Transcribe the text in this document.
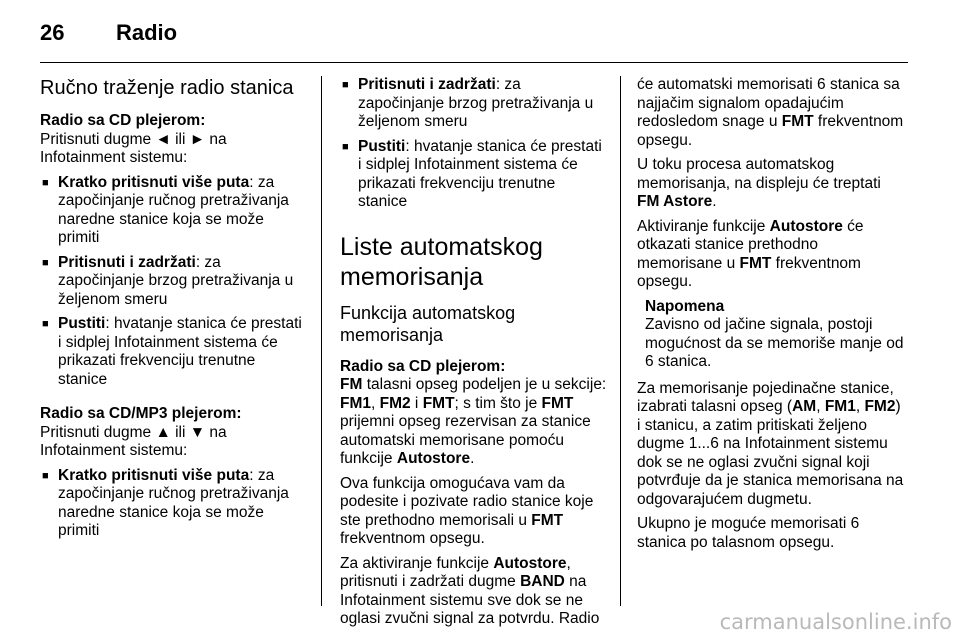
26 Radio
Ručno traženje radio stanica

Radio sa CD plejerom:

Pritisnuti dugme ◄ ili ► na Infotainment sistemu:

■ Kratko pritisnuti više puta: za započinjanje ručnog pretraživanja naredne stanice koja se može primiti
■ Pritisnuti i zadržati: za započinjanje brzog pretraživanja u željenom smeru
■ Pustiti: hvatanje stanica će prestati i sidplej Infotainment sistema će prikazati frekvenciju trenutne stanice

Radio sa CD/MP3 plejerom:

Pritisnuti dugme ▲ ili ▼ na Infotainment sistemu:

■ Kratko pritisnuti više puta: za započinjanje ručnog pretraživanja naredne stanice koja se može primiti
■ Pritisnuti i zadržati: za započinjanje brzog pretraživanja u željenom smeru
■ Pustiti: hvatanje stanica će prestati i sidplej Infotainment sistema će prikazati frekvenciju trenutne stanice
Liste automatskog memorisanja
Funkcija automatskog memorisanja

Radio sa CD plejerom:

FM talasni opseg podeljen je u sekcije: FM1, FM2 i FMT; s tim što je FMT prijemni opseg rezervisan za stanice automatski memorisane pomoću funkcije Autostore.

Ova funkcija omogućava vam da podesite i pozivate radio stanice koje ste prethodno memorisali u FMT frekventnom opsegu.

Za aktiviranje funkcije Autostore, pritisnuti i zadržati dugme BAND na Infotainment sistemu sve dok se ne oglasi zvučni signal za potvrdu. Radio

će automatski memorisati 6 stanica sa najjačim signalom opadajućim redosledom snage u FMT frekventnom opsegu.

U toku procesa automatskog memorisanja, na displeju će treptati FM Astore.

Aktiviranje funkcije Autostore će otkazati stanice prethodno memorisane u FMT frekventnom opsegu.

Napomena
Zavisno od jačine signala, postoji mogućnost da se memoriše manje od 6 stanica.

Za memorisanje pojedinačne stanice, izabrati talasni opseg (AM, FM1, FM2) i stanicu, a zatim pritiskati željeno dugme 1...6 na Infotainment sistemu dok se ne oglasi zvučni signal koji potvrđuje da je stanica memorisana na odgovarajućem dugmetu.

Ukupno je moguće memorisati 6 stanica po talasnom opsegu.

carmanualsonline.info
